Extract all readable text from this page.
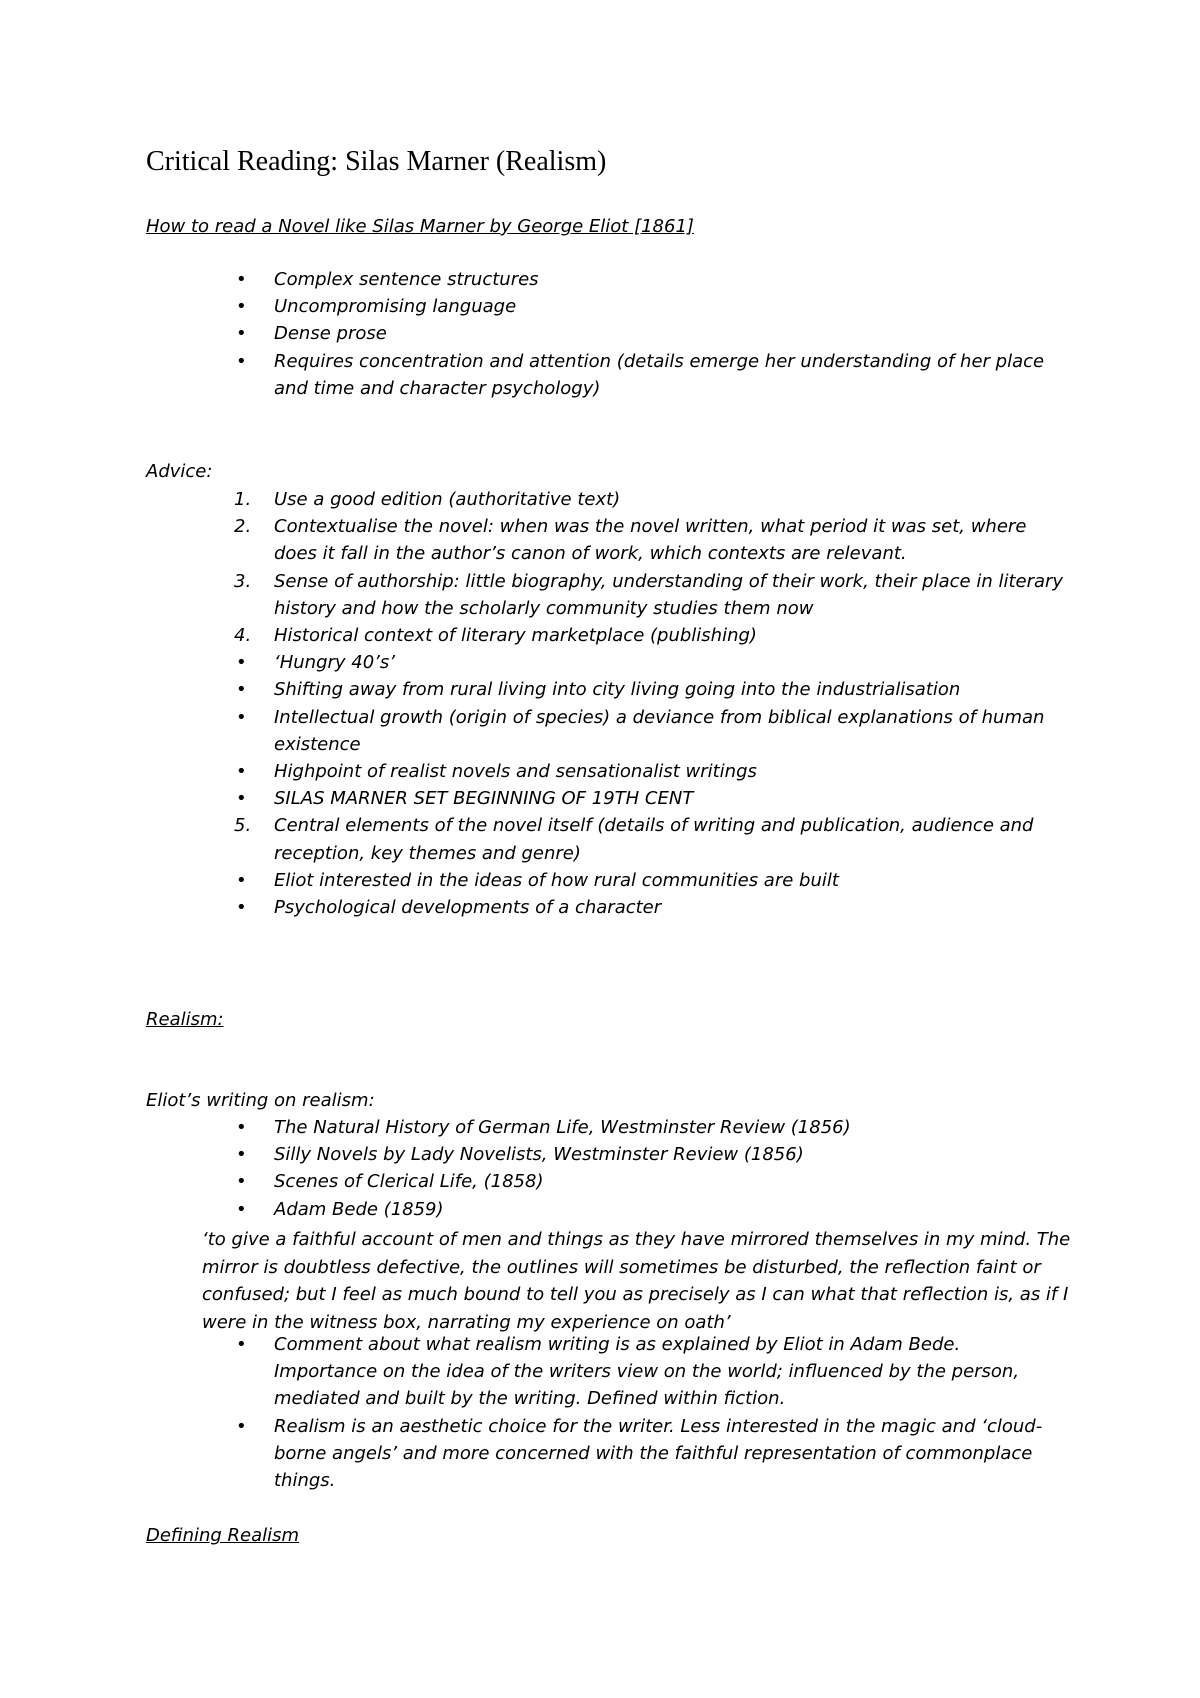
Critical Reading: Silas Marner (Realism)
How to read a Novel like Silas Marner by George Eliot [1861]
•	Complex sentence structures
•	Uncompromising language
•	Dense prose
•	Requires concentration and attention (details emerge her understanding of her place
and time and character psychology)
Advice:
1.	Use a good edition (authoritative text)
2.	Contextualise the novel: when was the novel written, what period it was set, where
does it fall in the author’s canon of work, which contexts are relevant.
3.	Sense of authorship: little biography, understanding of their work, their place in literary
history and how the scholarly community studies them now
4.	Historical context of literary marketplace (publishing)
•	‘Hungry 40’s’
•	Shifting away from rural living into city living going into the industrialisation
•	Intellectual growth (origin of species) a deviance from biblical explanations of human
existence
•	Highpoint of realist novels and sensationalist writings
•	SILAS MARNER SET BEGINNING OF 19TH CENT
5.	Central elements of the novel itself (details of writing and publication, audience and
reception, key themes and genre)
•	Eliot interested in the ideas of how rural communities are built
•	Psychological developments of a character
Realism:
Eliot’s writing on realism:
•	The Natural History of German Life, Westminster Review (1856)
•	Silly Novels by Lady Novelists, Westminster Review (1856)
•	Scenes of Clerical Life, (1858)
•	Adam Bede (1859)
‘to give a faithful account of men and things as they have mirrored themselves in my mind. The
mirror is doubtless defective, the outlines will sometimes be disturbed, the reflection faint or
confused; but I feel as much bound to tell you as precisely as I can what that reflection is, as if I
were in the witness box, narrating my experience on oath’
•	Comment about what realism writing is as explained by Eliot in Adam Bede.
Importance on the idea of the writers view on the world; influenced by the person,
mediated and built by the writing. Defined within fiction.
•	Realism is an aesthetic choice for the writer. Less interested in the magic and ‘cloud-
borne angels’ and more concerned with the faithful representation of commonplace
things.
Defining Realism
